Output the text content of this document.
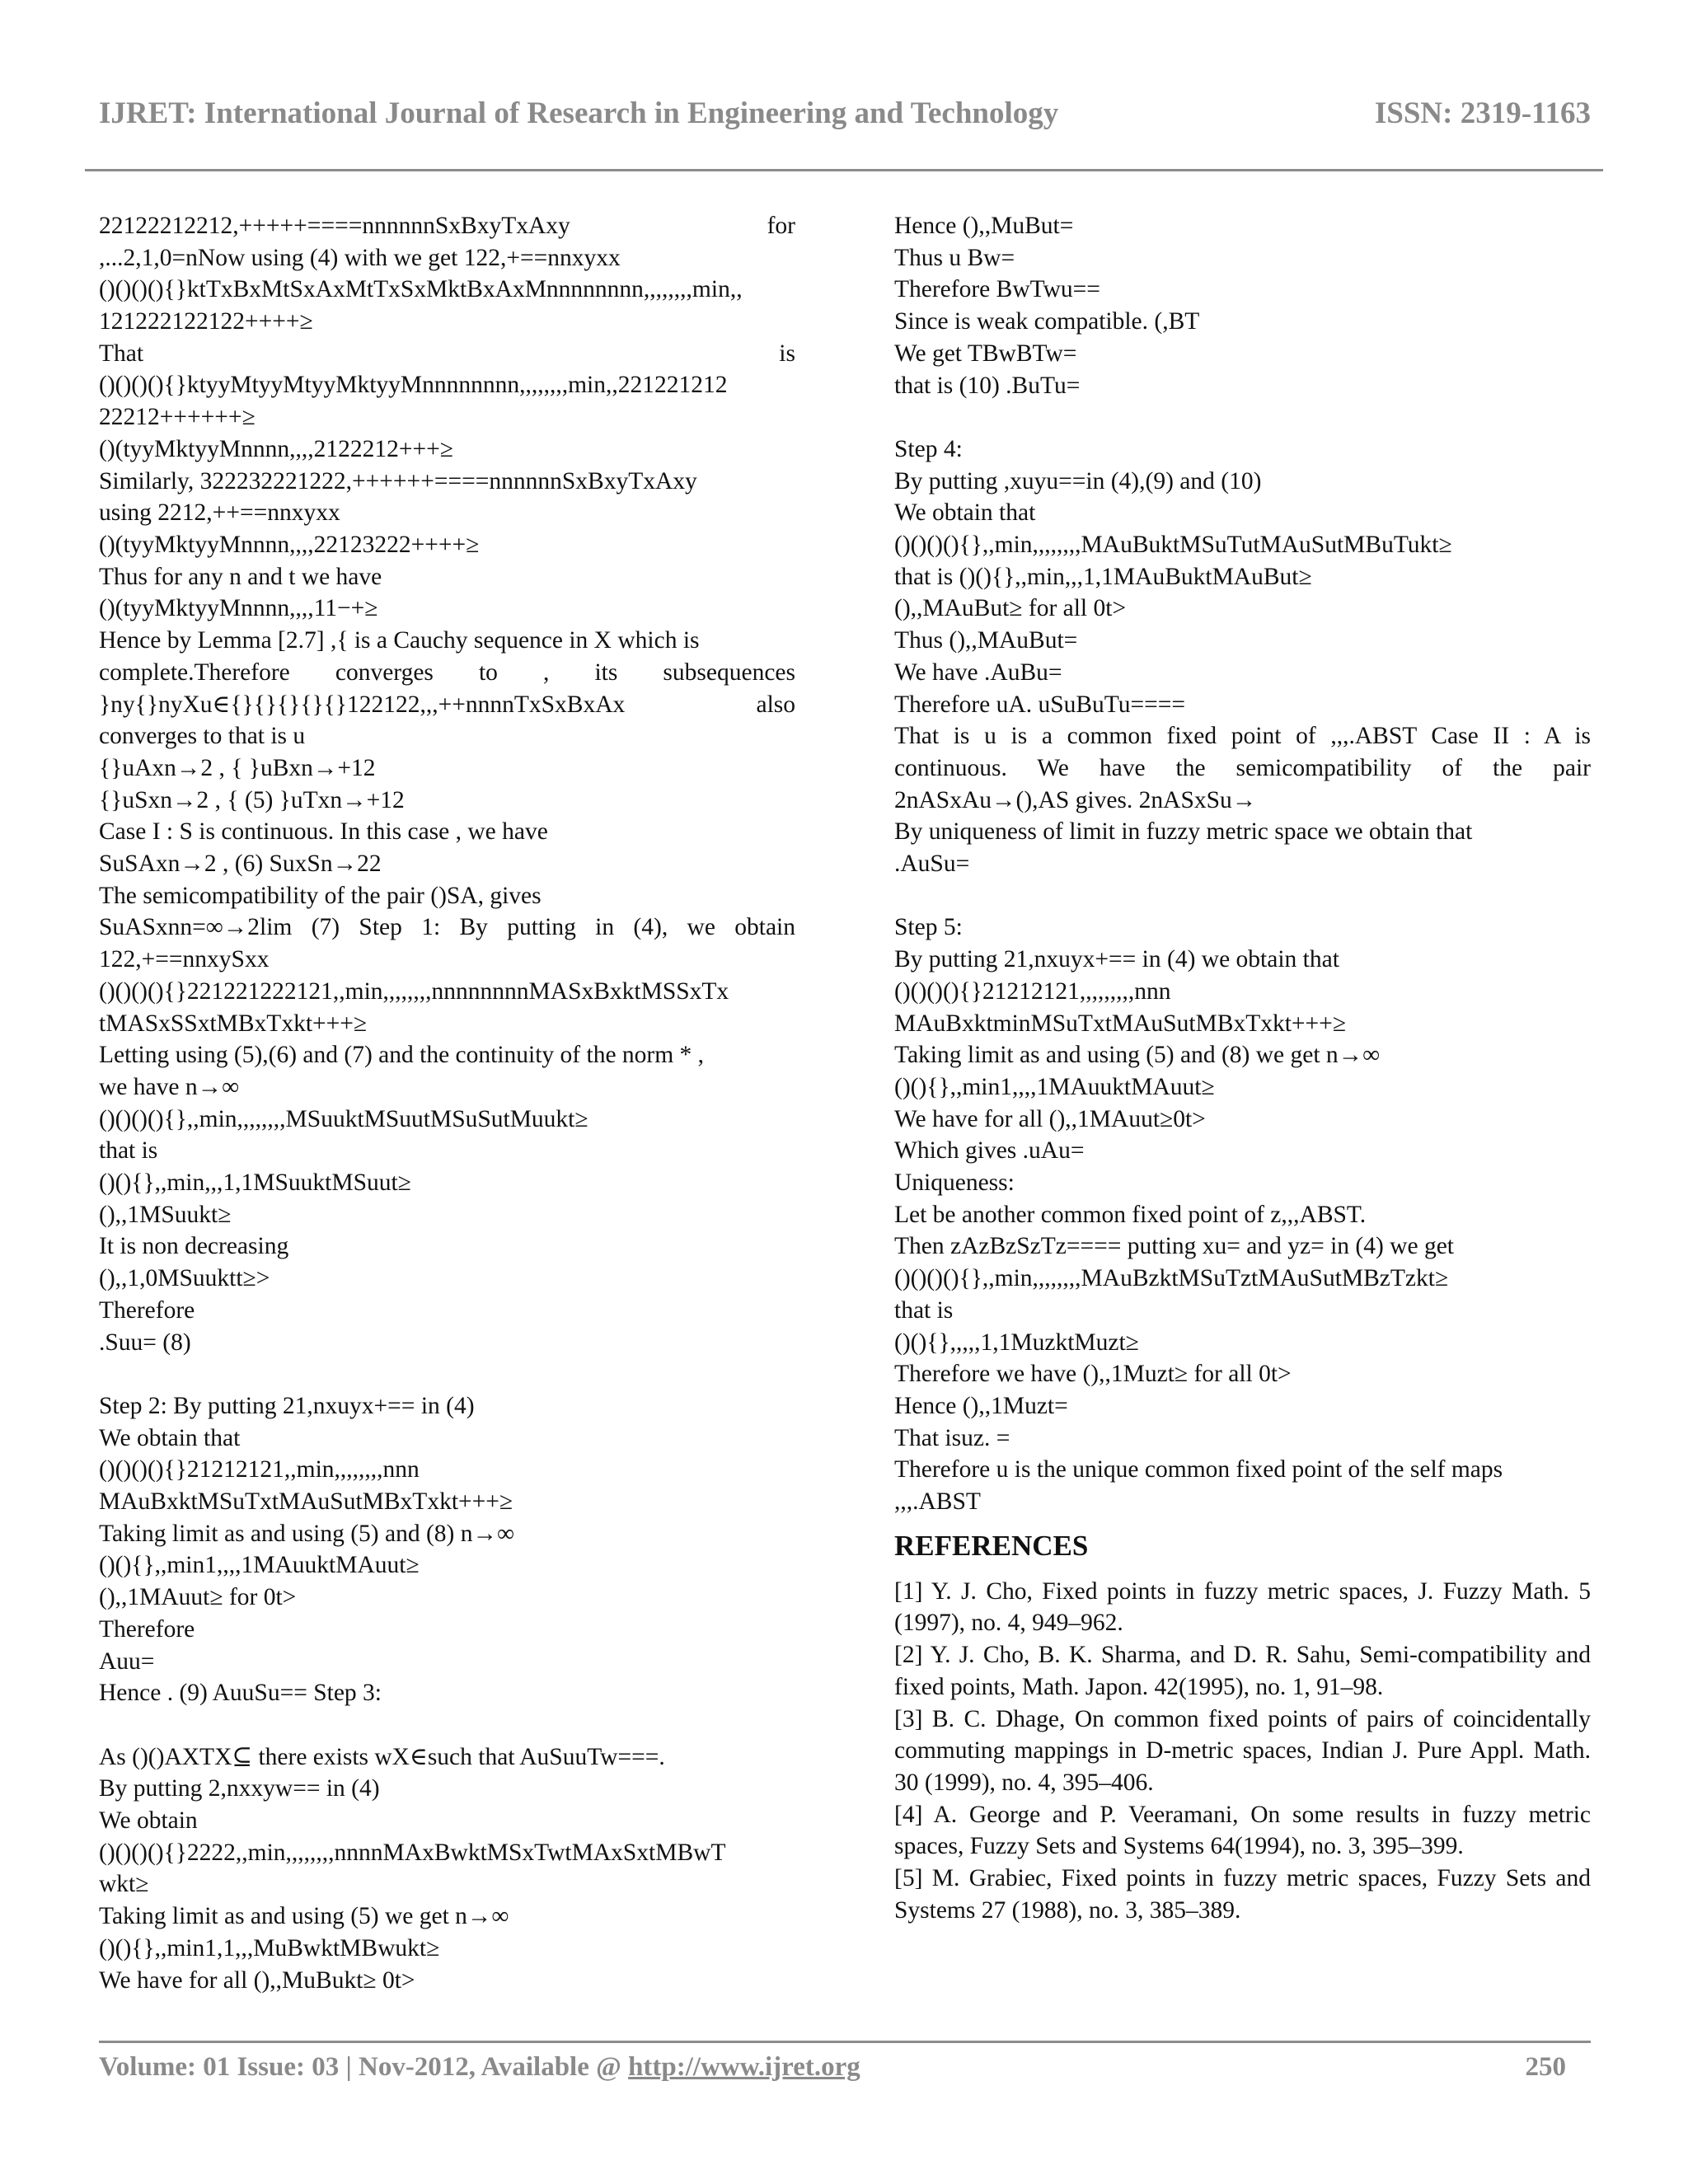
IJRET: International Journal of Research in Engineering and Technology	ISSN: 2319-1163
22122212212,+++++====nnnnnnSxBxyTxAxy for
,...2,1,0=nNow using (4) with we get 122,+==nnxyxx
()()()(){}ktTxBxMtSxAxMtTxSxMktBxAxMnnnnnnnn,,,,,,,,min,,
121222122122++++≥
That is
()()()(){}ktyyMtyyMtyyMktyyMnnnnnnnn,,,,,,,,min,,221221212
22212++++++≥
()(tyyMktyyMnnnn,,,,2122212+++≥
Similarly, 322232221222,++++++====nnnnnnSxBxyTxAxy
using 2212,++==nnxyxx
()(tyyMktyyMnnnn,,,,22123222++++≥
Thus for any n and t we have
()(tyyMktyyMnnnn,,,,11−+≥
Hence by Lemma [2.7] ,{ is a Cauchy sequence in X which is
complete.Therefore converges to , its subsequences
}ny{}nyXu∈{}{}{}{}{}122122,,,++nnnnTxSxBxAx also
converges to that is u
{}uAxn→2 , { }uBxn→+12
{}uSxn→2 , { (5) }uTxn→+12
Case I : S is continuous. In this case , we have
SuSAxn→2 , (6) SuxSn→22
The semicompatibility of the pair ()SA, gives
SuASxnn=∞→2lim (7) Step 1: By putting in (4), we obtain
122,+==nnxySxx
()()()(){}221221222121,,min,,,,,,,,nnnnnnnnMASxBxktMSSxTx
tMASxSSxtMBxTxkt+++≥
Letting using (5),(6) and (7) and the continuity of the norm * ,
we have n→∞
()()()(){},,min,,,,,,,,MSuuktMSuutMSuSutMuukt≥
that is
()(){},,min,,,1,1MSuuktMSuut≥
(),,1MSuukt≥
It is non decreasing
(),,1,0MSuuktt≥>
Therefore
.Suu= (8)
Step 2: By putting 21,nxuyx+== in (4)
We obtain that
()()()(){}21212121,,min,,,,,,,,nnn
MAuBxktMSuTxtMAuSutMBxTxkt+++≥
Taking limit as and using (5) and (8) n→∞
()(){},,min1,,,,1MAuuktMAuut≥
(),,1MAuut≥ for 0t>
Therefore
Auu=
Hence . (9) AuuSu== Step 3:
As ()()AXTX⊆ there exists wX∈such that AuSuuTw===.
By putting 2,nxxyw== in (4)
We obtain
()()()(){}2222,,min,,,,,,,,nnnnMAxBwktMSxTwtMAxSxtMBwT
wkt≥
Taking limit as and using (5) we get n→∞
()(){},,min1,1,,,MuBwktMBwukt≥
We have for all (),,MuBukt≥ 0t>
Hence (),,MuBut=
Thus u Bw=
Therefore BwTwu==
Since is weak compatible. (,BT
We get TBwBTw=
that is (10) .BuTu=
Step 4:
By putting ,xuyu==in (4),(9) and (10)
We obtain that
()()()(){},,min,,,,,,,,MAuBuktMSuTutMAuSutMBuTukt≥
that is ()(){},,min,,,1,1MAuBuktMAuBut≥
(),,MAuBut≥ for all 0t>
Thus (),,MAuBut=
We have .AuBu=
Therefore uA. uSuBuTu====
That is u is a common fixed point of ,,,.ABST Case II : A is
continuous. We have the semicompatibility of the pair
2nASxAu→(),AS gives. 2nASxSu→
By uniqueness of limit in fuzzy metric space we obtain that
.AuSu=
Step 5:
By putting 21,nxuyx+== in (4) we obtain that
()()()(){}21212121,,,,,,,,,nnn
MAuBxktminMSuTxtMAuSutMBxTxkt+++≥
Taking limit as and using (5) and (8) we get n→∞
()(){},,min1,,,,1MAuuktMAuut≥
We have for all (),,1MAuut≥0t>
Which gives .uAu=
Uniqueness:
Let be another common fixed point of z,,,ABST.
Then zAzBzSzTz==== putting xu= and yz= in (4) we get
()()()(){},,min,,,,,,,,MAuBzktMSuTztMAuSutMBzTzkt≥
that is
()(){},,,,,1,1MuzktMuzt≥
Therefore we have (),,1Muzt≥ for all 0t>
Hence (),,1Muzt=
That isuz. =
Therefore u is the unique common fixed point of the self maps
,,,.ABST
REFERENCES
[1] Y. J. Cho, Fixed points in fuzzy metric spaces, J. Fuzzy Math. 5 (1997), no. 4, 949–962.
[2] Y. J. Cho, B. K. Sharma, and D. R. Sahu, Semi-compatibility and fixed points, Math. Japon. 42(1995), no. 1, 91–98.
[3] B. C. Dhage, On common fixed points of pairs of coincidentally commuting mappings in D-metric spaces, Indian J. Pure Appl. Math. 30 (1999), no. 4, 395–406.
[4] A. George and P. Veeramani, On some results in fuzzy metric spaces, Fuzzy Sets and Systems 64(1994), no. 3, 395–399.
[5] M. Grabiec, Fixed points in fuzzy metric spaces, Fuzzy Sets and Systems 27 (1988), no. 3, 385–389.
Volume: 01 Issue: 03 | Nov-2012, Available @ http://www.ijret.org	250
